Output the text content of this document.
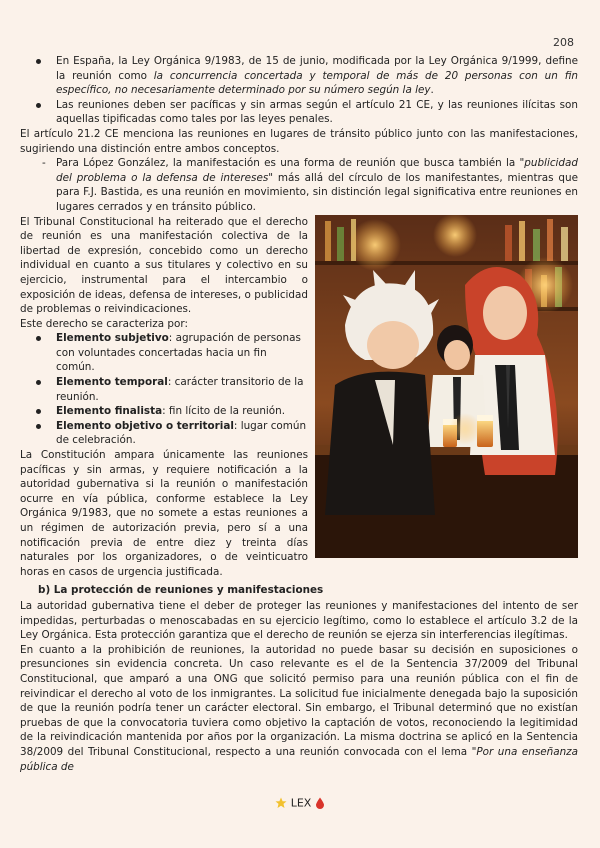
208
En España, la Ley Orgánica 9/1983, de 15 de junio, modificada por la Ley Orgánica 9/1999, define la reunión como la concurrencia concertada y temporal de más de 20 personas con un fin específico, no necesariamente determinado por su número según la ley.
Las reuniones deben ser pacíficas y sin armas según el artículo 21 CE, y las reuniones ilícitas son aquellas tipificadas como tales por las leyes penales.

El artículo 21.2 CE menciona las reuniones en lugares de tránsito público junto con las manifestaciones, sugiriendo una distinción entre ambos conceptos.

- Para López González, la manifestación es una forma de reunión que busca también la "publicidad del problema o la defensa de intereses" más allá del círculo de los manifestantes, mientras que para F.J. Bastida, es una reunión en movimiento, sin distinción legal significativa entre reuniones en lugares cerrados y en tránsito público.

El Tribunal Constitucional ha reiterado que el derecho de reunión es una manifestación colectiva de la libertad de expresión, concebido como un derecho individual en cuanto a sus titulares y colectivo en su ejercicio, instrumental para el intercambio o exposición de ideas, defensa de intereses, o publicidad de problemas o reivindicaciones.

Este derecho se caracteriza por:

Elemento subjetivo: agrupación de personas con voluntades concertadas hacia un fin común.
Elemento temporal: carácter transitorio de la reunión.
Elemento finalista: fin lícito de la reunión.
Elemento objetivo o territorial: lugar común de celebración.

La Constitución ampara únicamente las reuniones pacíficas y sin armas, y requiere notificación a la autoridad gubernativa si la reunión o manifestación ocurre en vía pública, conforme establece la Ley Orgánica 9/1983, que no somete a estas reuniones a un régimen de autorización previa, pero sí a una notificación previa de entre diez y treinta días naturales por los organizadores, o de veinticuatro horas en casos de urgencia justificada.

b) La protección de reuniones y manifestaciones

La autoridad gubernativa tiene el deber de proteger las reuniones y manifestaciones del intento de ser impedidas, perturbadas o menoscabadas en su ejercicio legítimo, como lo establece el artículo 3.2 de la Ley Orgánica. Esta protección garantiza que el derecho de reunión se ejerza sin interferencias ilegítimas.

En cuanto a la prohibición de reuniones, la autoridad no puede basar su decisión en suposiciones o presunciones sin evidencia concreta. Un caso relevante es el de la Sentencia 37/2009 del Tribunal Constitucional, que amparó a una ONG que solicitó permiso para una reunión pública con el fin de reivindicar el derecho al voto de los inmigrantes. La solicitud fue inicialmente denegada bajo la suposición de que la reunión podría tener un carácter electoral. Sin embargo, el Tribunal determinó que no existían pruebas de que la convocatoria tuviera como objetivo la captación de votos, reconociendo la legitimidad de la reivindicación mantenida por años por la organización. La misma doctrina se aplicó en la Sentencia 38/2009 del Tribunal Constitucional, respecto a una reunión convocada con el lema "Por una enseñanza pública de

LEX
